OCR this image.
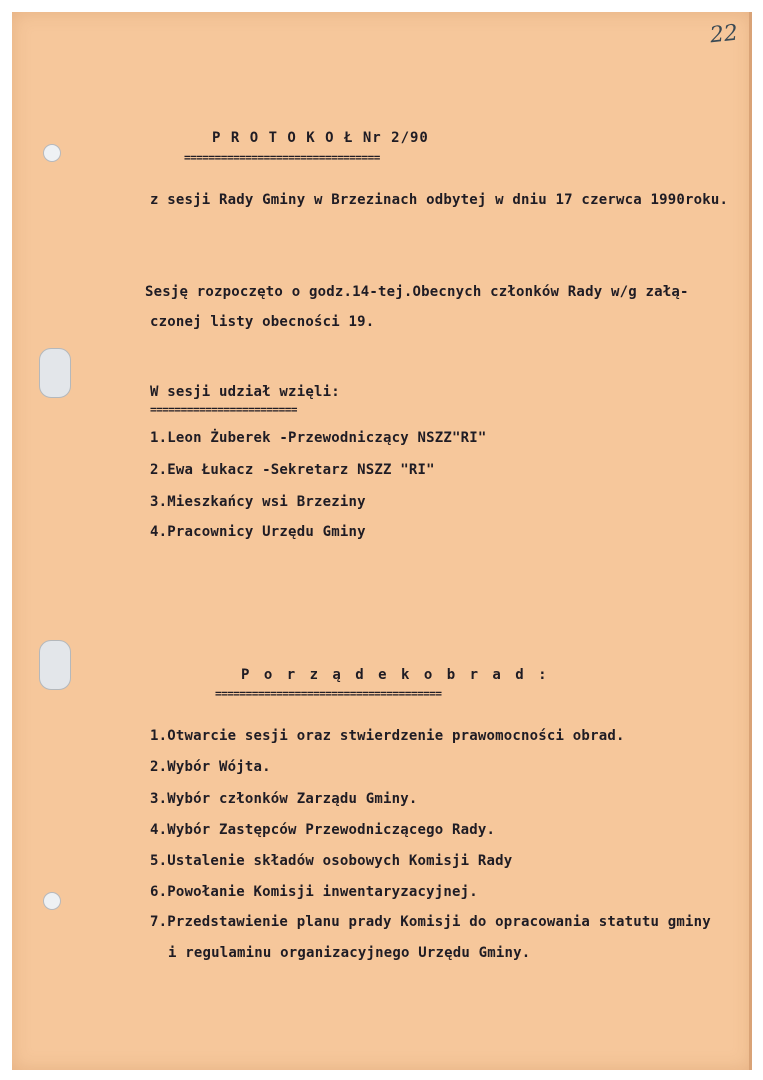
22
P R O T O K O Ł Nr 2/90
================================
z sesji Rady Gminy w Brzezinach odbytej w dniu 17 czerwca 1990roku.
Sesję rozpoczęto o godz.14-tej.Obecnych członków Rady w/g załą-
czonej listy obecności 19.
W sesji udział wzięli:
========================
1.Leon Żuberek -Przewodniczący NSZZ"RI"
2.Ewa Łukacz -Sekretarz NSZZ "RI"
3.Mieszkańcy wsi Brzeziny
4.Pracownicy Urzędu Gminy
P o r z ą d e k o b r a d :
=====================================
1.Otwarcie sesji oraz stwierdzenie prawomocności obrad.
2.Wybór Wójta.
3.Wybór członków Zarządu Gminy.
4.Wybór Zastępców Przewodniczącego Rady.
5.Ustalenie składów osobowych Komisji Rady
6.Powołanie Komisji inwentaryzacyjnej.
7.Przedstawienie planu prady Komisji do opracowania statutu gminy
i regulaminu organizacyjnego Urzędu Gminy.
